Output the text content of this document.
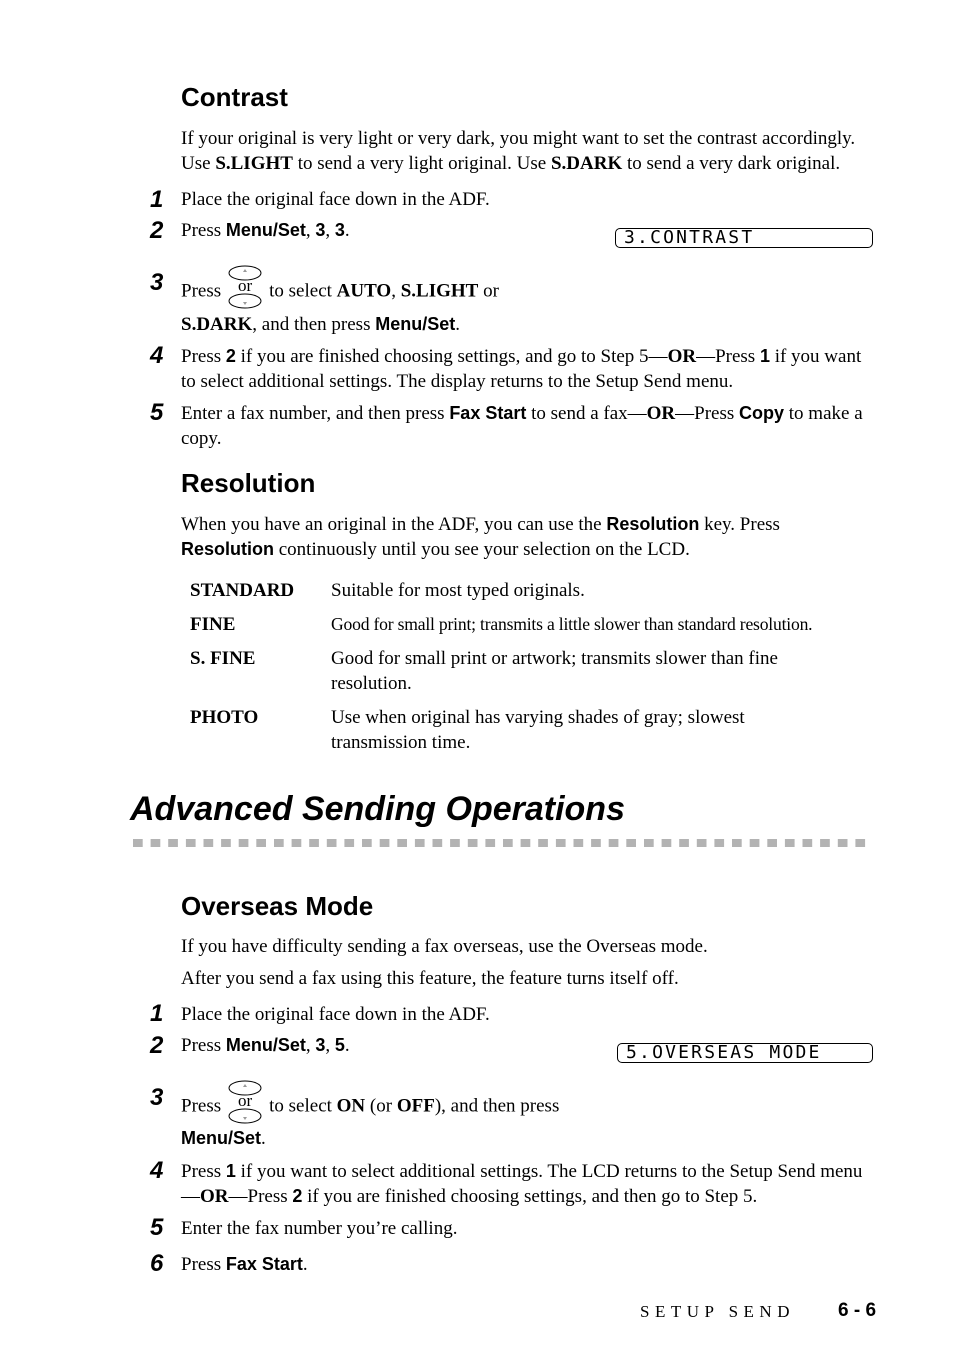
Contrast
If your original is very light or very dark, you might want to set the contrast accordingly. Use S.LIGHT to send a very light original. Use S.DARK to send a very dark original.
1 Place the original face down in the ADF.
2 Press Menu/Set, 3, 3.	3.CONTRAST
3 Press or to select AUTO, S.LIGHT or
S.DARK, and then press Menu/Set.
4 Press 2 if you are finished choosing settings, and go to Step 5—OR—Press 1 if you want to select additional settings. The display returns to the Setup Send menu.
5 Enter a fax number, and then press Fax Start to send a fax—OR—Press Copy to make a copy.
Resolution
When you have an original in the ADF, you can use the Resolution key. Press Resolution continuously until you see your selection on the LCD.
STANDARD Suitable for most typed originals.
FINE	Good for small print; transmits a little slower than standard resolution.
S. FINE	Good for small print or artwork; transmits slower than fine resolution.
PHOTO	Use when original has varying shades of gray; slowest transmission time.
Advanced Sending Operations
Overseas Mode
If you have difficulty sending a fax overseas, use the Overseas mode.
After you send a fax using this feature, the feature turns itself off.
1 Place the original face down in the ADF.
2 Press Menu/Set, 3, 5.	5.OVERSEAS MODE
3 Press or to select ON (or OFF), and then press
Menu/Set.
4 Press 1 if you want to select additional settings. The LCD returns to the Setup Send menu—OR—Press 2 if you are finished choosing settings, and then go to Step 5.
5 Enter the fax number you’re calling.
6 Press Fax Start.
SETUP SEND 6 - 6
